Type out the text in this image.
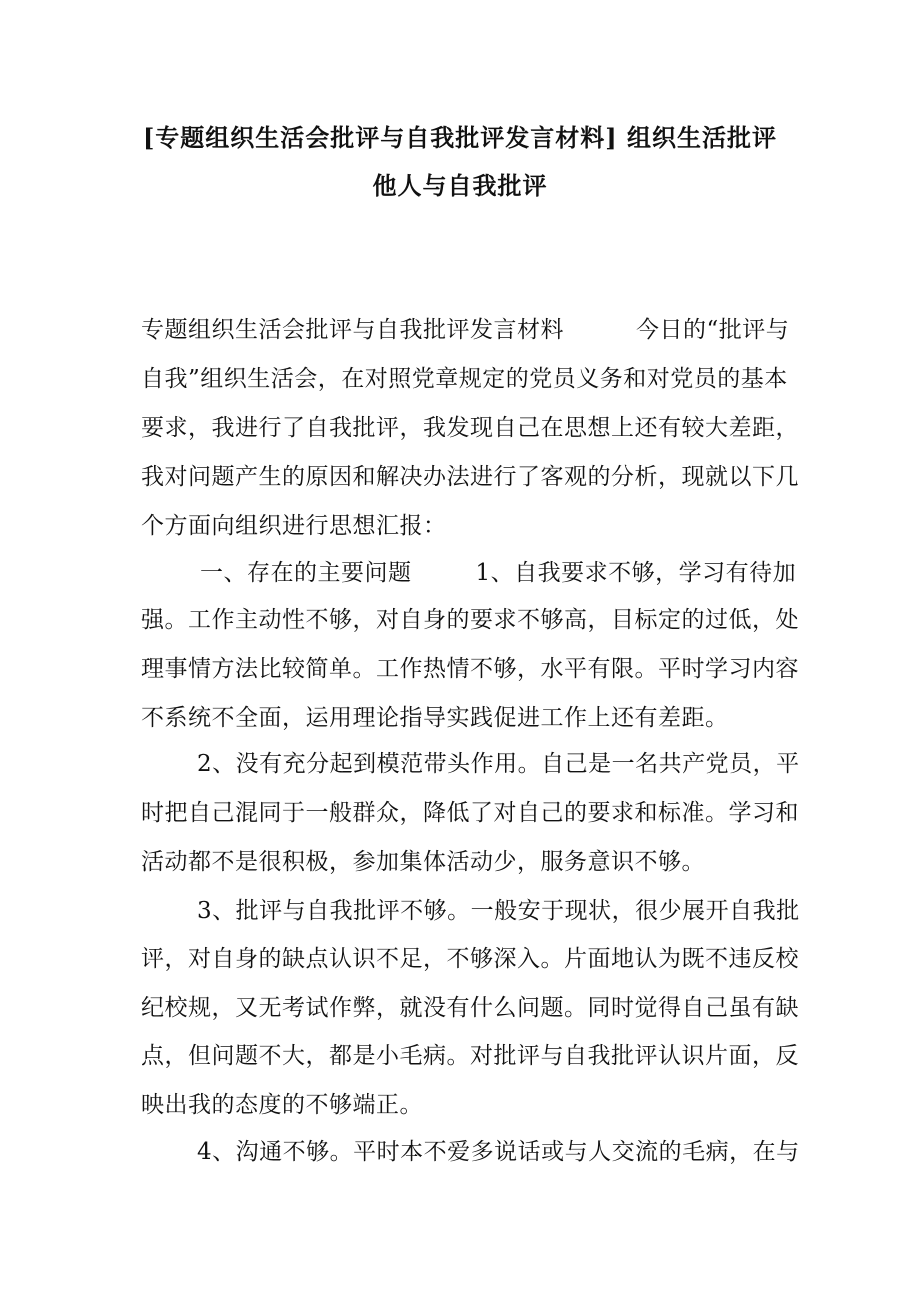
[专题组织生活会批评与自我批评发言材料] 组织生活批评
他人与自我批评
专题组织生活会批评与自我批评发言材料	今日的“批评与
自我”组织生活会，在对照党章规定的党员义务和对党员的基本
要求，我进行了自我批评，我发现自己在思想上还有较大差距，
我对问题产生的原因和解决办法进行了客观的分析，现就以下几
个方面向组织进行思想汇报：
一、存在的主要问题	1、自我要求不够，学习有待加
强。工作主动性不够，对自身的要求不够高，目标定的过低，处
理事情方法比较简单。工作热情不够，水平有限。平时学习内容
不系统不全面，运用理论指导实践促进工作上还有差距。
2、没有充分起到模范带头作用。自己是一名共产党员，平
时把自己混同于一般群众，降低了对自己的要求和标准。学习和
活动都不是很积极，参加集体活动少，服务意识不够。
3、批评与自我批评不够。一般安于现状，很少展开自我批
评，对自身的缺点认识不足，不够深入。片面地认为既不违反校
纪校规，又无考试作弊，就没有什么问题。同时觉得自己虽有缺
点，但问题不大，都是小毛病。对批评与自我批评认识片面，反
映出我的态度的不够端正。
4、沟通不够。平时本不爱多说话或与人交流的毛病，在与
